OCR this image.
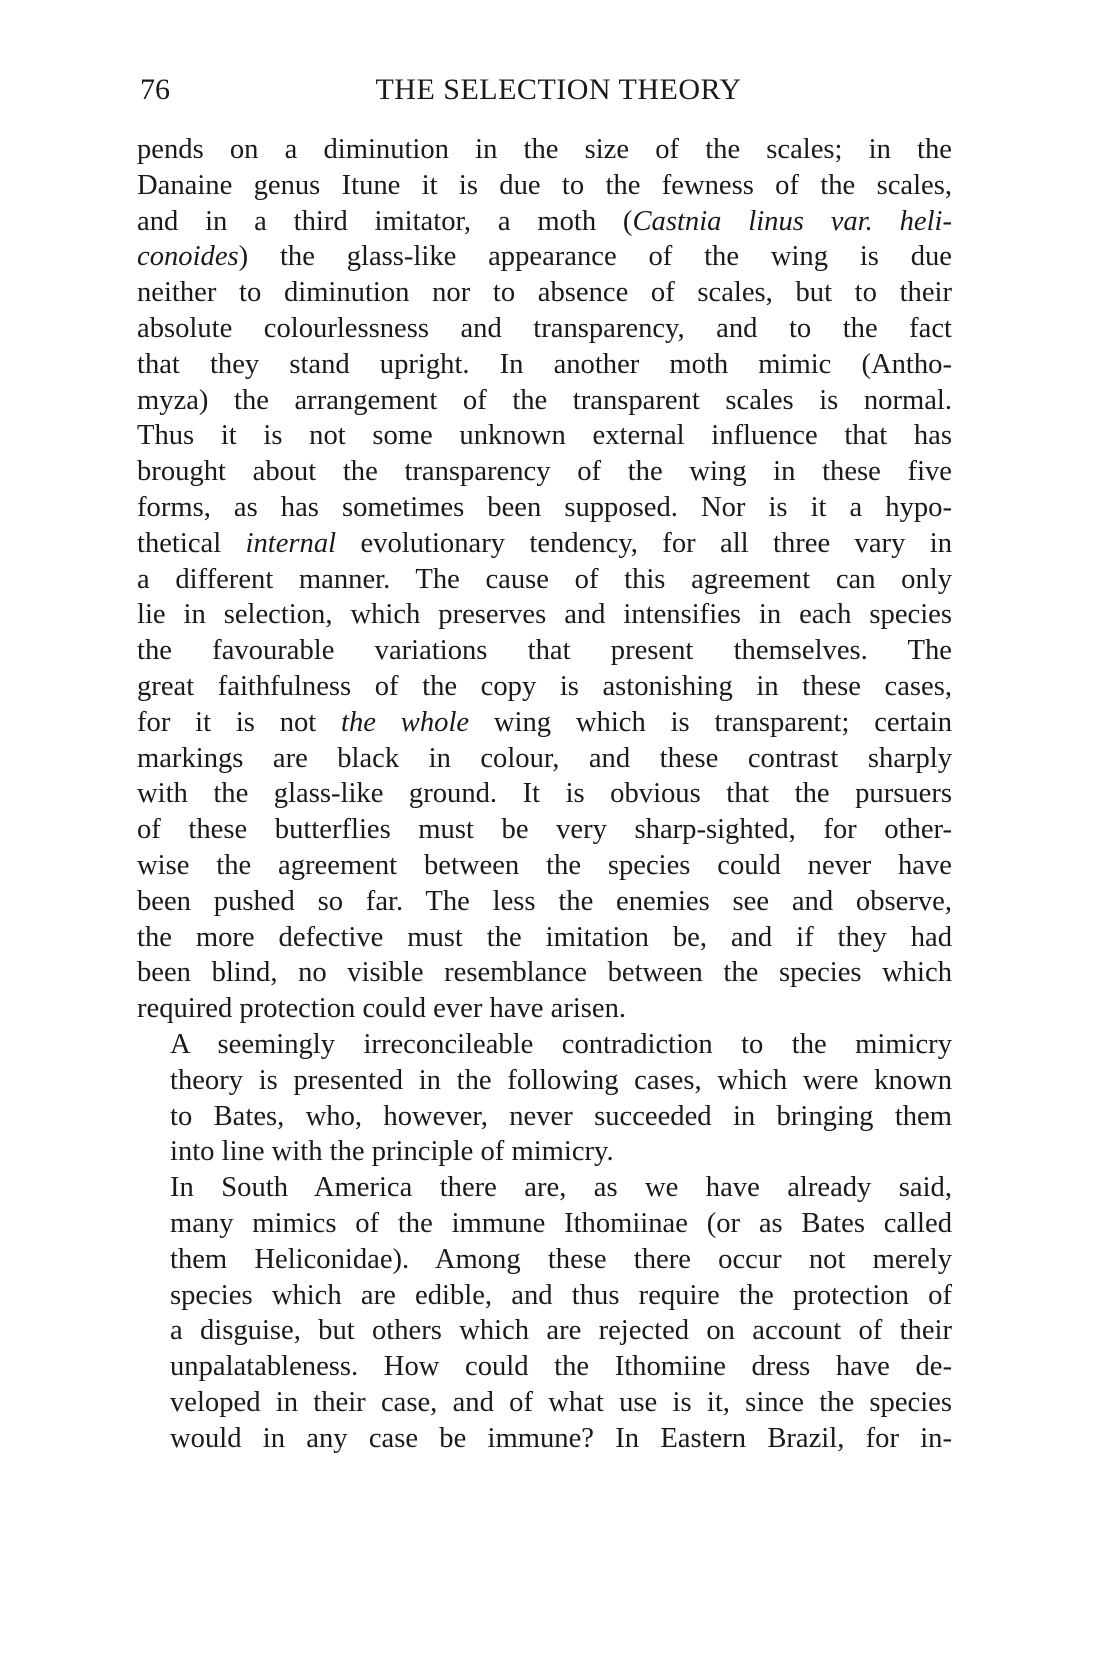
76	THE SELECTION THEORY
pends on a diminution in the size of the scales; in the
Danaine genus Itune it is due to the fewness of the scales,
and in a third imitator, a moth (Castnia linus var. heli-
conoides) the glass-like appearance of the wing is due
neither to diminution nor to absence of scales, but to their
absolute colourlessness and transparency, and to the fact
that they stand upright. In another moth mimic (Antho-
myza) the arrangement of the transparent scales is normal.
Thus it is not some unknown external influence that has
brought about the transparency of the wing in these five
forms, as has sometimes been supposed. Nor is it a hypo-
thetical internal evolutionary tendency, for all three vary in
a different manner. The cause of this agreement can only
lie in selection, which preserves and intensifies in each species
the favourable variations that present themselves. The
great faithfulness of the copy is astonishing in these cases,
for it is not the whole wing which is transparent; certain
markings are black in colour, and these contrast sharply
with the glass-like ground. It is obvious that the pursuers
of these butterflies must be very sharp-sighted, for other-
wise the agreement between the species could never have
been pushed so far. The less the enemies see and observe,
the more defective must the imitation be, and if they had
been blind, no visible resemblance between the species which
required protection could ever have arisen.
A seemingly irreconcileable contradiction to the mimicry
theory is presented in the following cases, which were known
to Bates, who, however, never succeeded in bringing them
into line with the principle of mimicry.
In South America there are, as we have already said,
many mimics of the immune Ithomiinae (or as Bates called
them Heliconidae). Among these there occur not merely
species which are edible, and thus require the protection of
a disguise, but others which are rejected on account of their
unpalatableness. How could the Ithomiine dress have de-
veloped in their case, and of what use is it, since the species
would in any case be immune? In Eastern Brazil, for in-
